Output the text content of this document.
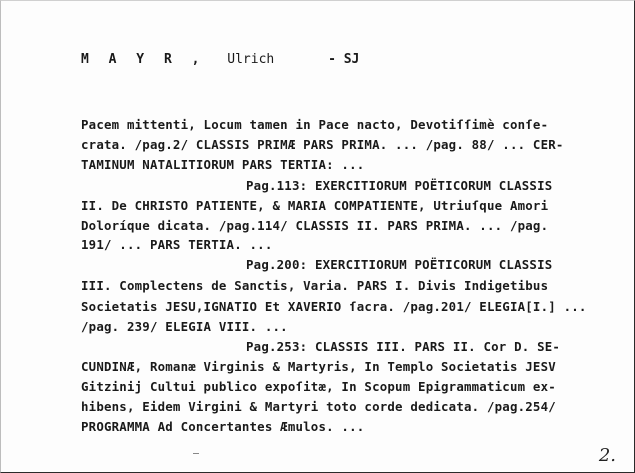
M A Y R , Ulrich	- SJ
Pacem mittenti, Locum tamen in Pace nacto, Devotiſſimè conſe-
crata. /pag.2/ CLASSIS PRIMÆ PARS PRIMA. ... /pag. 88/ ... CER-
TAMINUM NATALITIORUM PARS TERTIA: ...
Pag.113: EXERCITIORUM POËTICORUM CLASSIS
II. De CHRISTO PATIENTE, & MARIA COMPATIENTE, Utriuſque Amori
Doloríque dicata. /pag.114/ CLASSIS II. PARS PRIMA. ... /pag.
191/ ... PARS TERTIA. ...
Pag.200: EXERCITIORUM POËTICORUM CLASSIS
III. Complectens de Sanctis, Varia. PARS I. Divis Indigetibus
Societatis JESU,IGNATIO Et XAVERIO ſacra. /pag.201/ ELEGIA[I.] ...
/pag. 239/ ELEGIA VIII. ...
Pag.253: CLASSIS III. PARS II. Cor D. SE-
CUNDINÆ, Romanæ Virginis & Martyris, In Templo Societatis JESV
Gitzinij Cultui publico expoſitæ, In Scopum Epigrammaticum ex-
hibens, Eidem Virgini & Martyri toto corde dedicata. /pag.254/
PROGRAMMA Ad Concertantes Æmulos. ...
2.
